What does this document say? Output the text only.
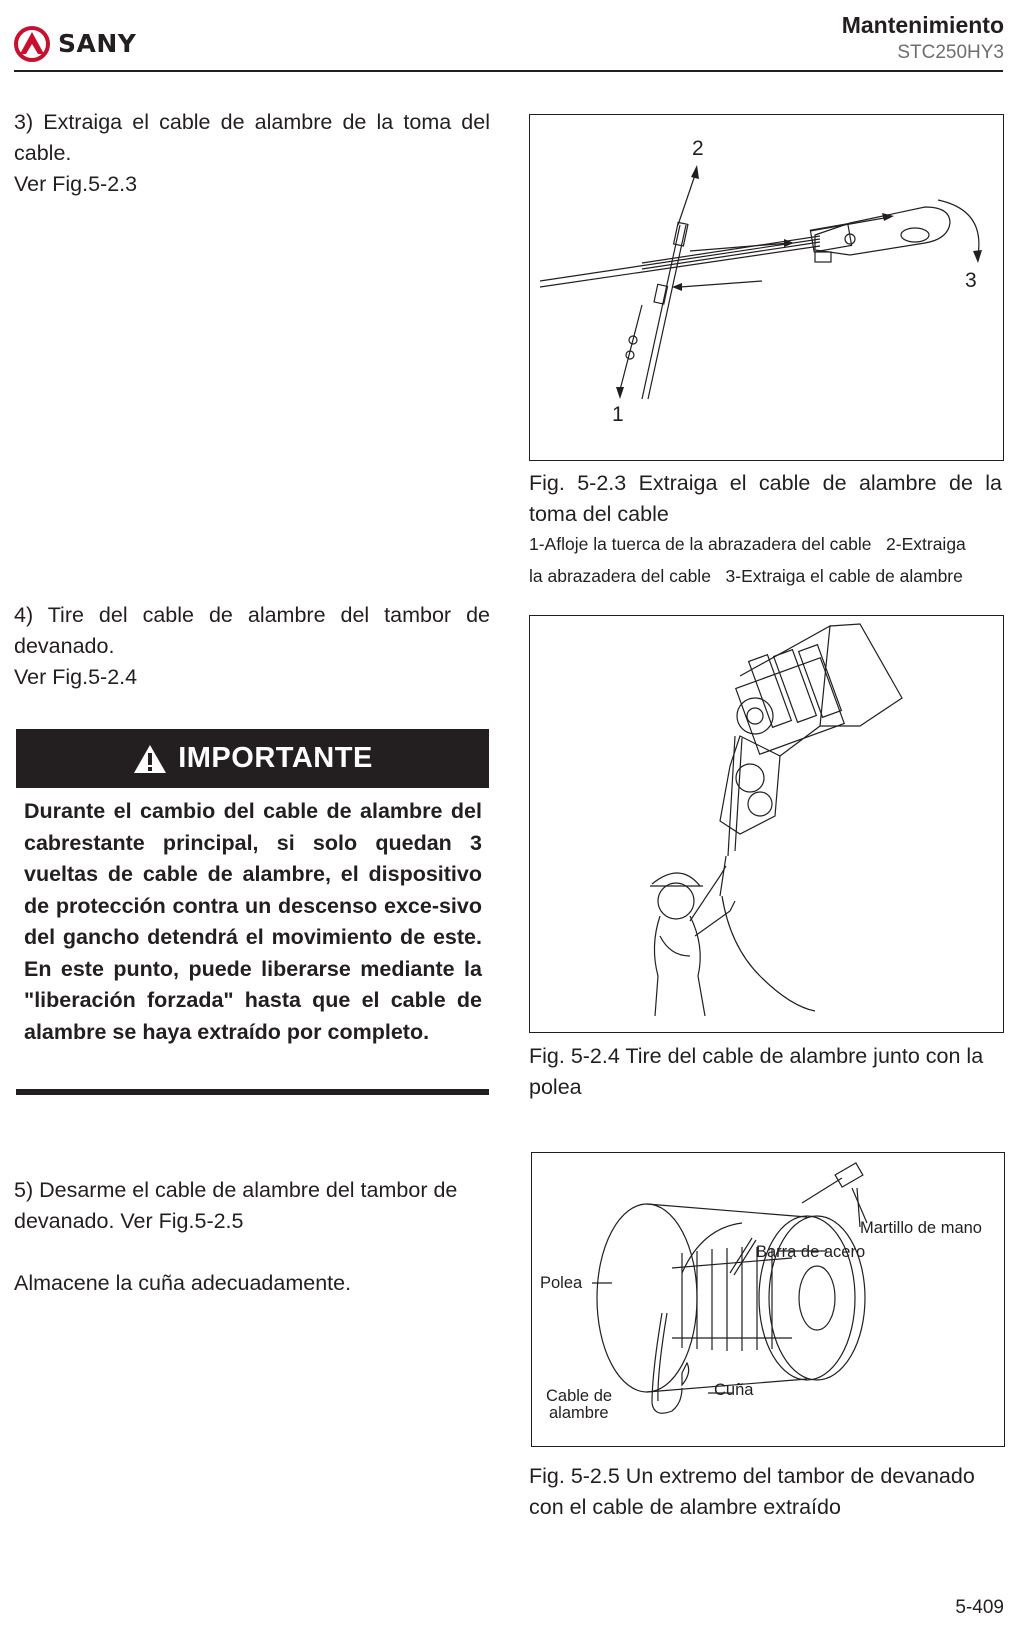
SANY
Mantenimiento
STC250HY3
3) Extraiga el cable de alambre de la toma del cable.
Ver Fig.5-2.3
2
3
1
Fig. 5-2.3 Extraiga el cable de alambre de la toma del cable
1-Afloje la tuerca de la abrazadera del cable   2-Extraiga
la abrazadera del cable   3-Extraiga el cable de alambre
4) Tire del cable de alambre del tambor de devanado.
Ver Fig.5-2.4
IMPORTANTE
Durante el cambio del cable de alambre del cabrestante principal, si solo quedan 3 vueltas de cable de alambre, el dispositivo de protección contra un descenso exce-sivo del gancho detendrá el movimiento de este. En este punto, puede liberarse mediante la "liberación forzada" hasta que el cable de alambre se haya extraído por completo.
Fig. 5-2.4 Tire del cable de alambre junto con la polea
5) Desarme el cable de alambre del tambor de devanado. Ver Fig.5-2.5
Almacene la cuña adecuadamente.
Martillo de mano
Barra de acero
Polea
Cable de
alambre
Cuña
Fig. 5-2.5 Un extremo del tambor de devanado con el cable de alambre extraído
5-409
